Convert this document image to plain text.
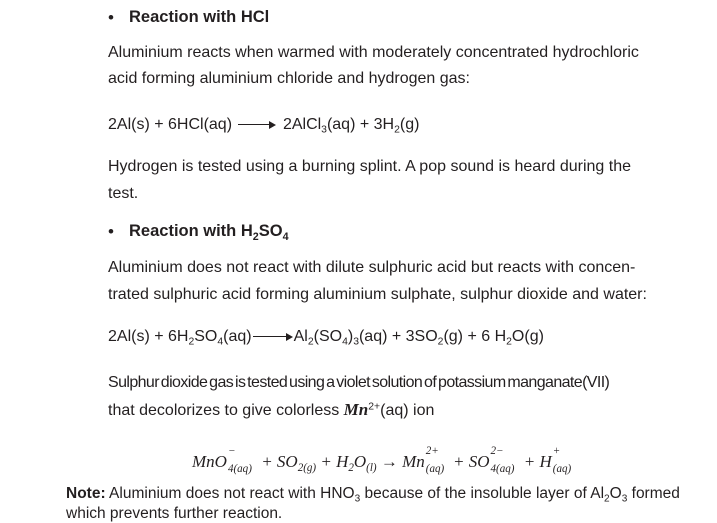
• Reaction with HCl
Aluminium reacts when warmed with moderately concentrated hydrochloric
acid forming aluminium chloride and hydrogen gas:
2Al(s) + 6HCl(aq)	2AlCl$_3$(aq) + $3H_2(g)$
Hydrogen is tested using a burning splint. A pop sound is heard during the
test.
• Reaction with $H_2SO_4$
Aluminium does not react with dilute sulphuric acid but reacts with concen-
trated sulphuric acid forming aluminium sulphate, sulphur dioxide and water:
$2Al(s) + 6H_2SO_4(aq)$	$Al_2(SO_4)_3(aq) + 3SO_2(g) + 6$ $H_2O(g)$
Sulphur dioxide gas is tested using a violet solution of potassium manganate(VII)
that decolorizes to give colorless $Mn^{2+}(aq)$ ion
MnO
−
$4(aq) + SO_{2(g)} + H_2O_{(l)} \to Mn$
2+
(aq) + SO
2−
4(aq) + H
+
(aq)
Note: Aluminium does not react with $HNO_3$ because of the insoluble layer of $Al_2O_3$ formed
which prevents further reaction.
